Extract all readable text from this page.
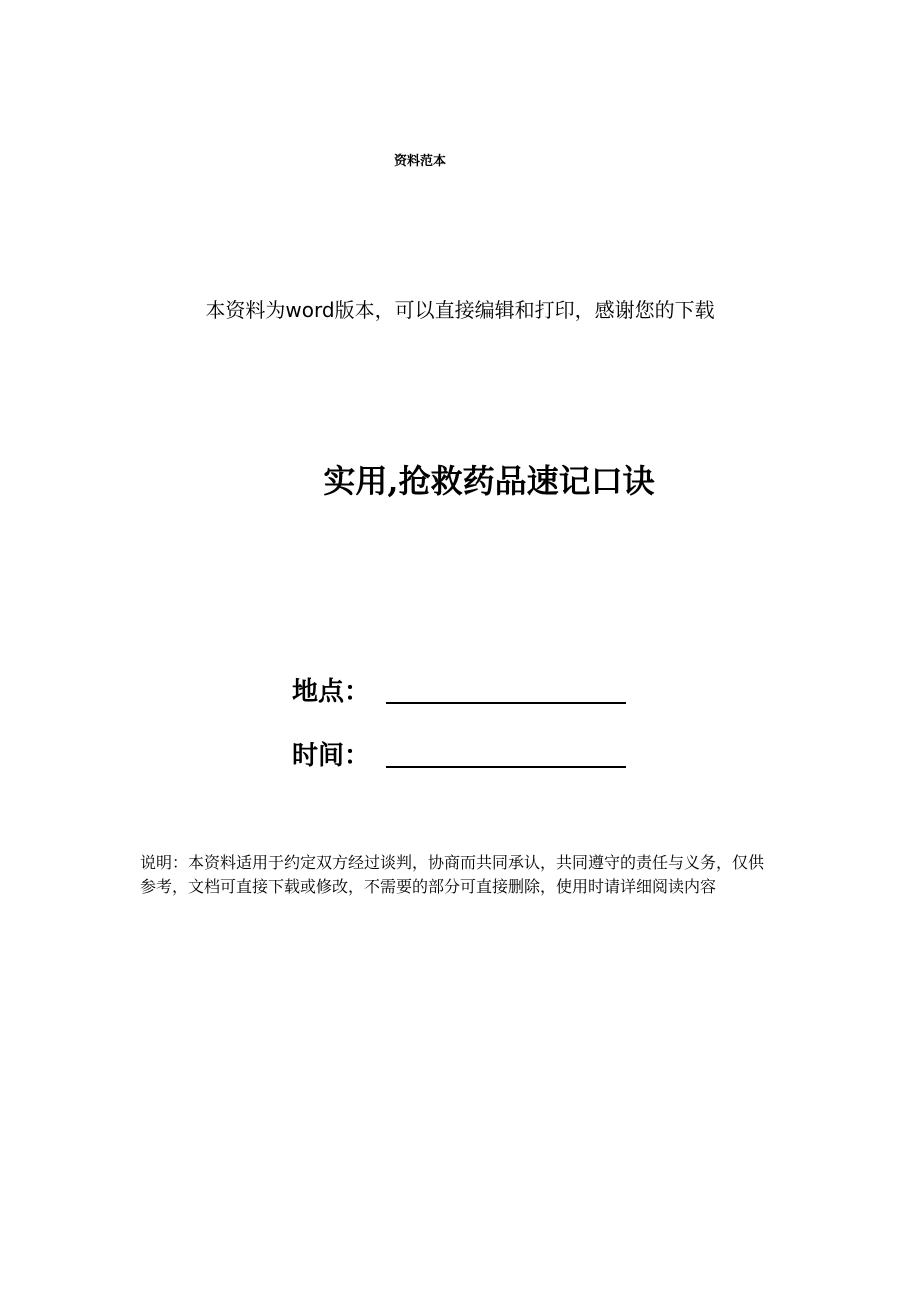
资料范本
本资料为word版本，可以直接编辑和打印，感谢您的下载
实用,抢救药品速记口诀
地点：
时间：
说明：本资料适用于约定双方经过谈判，协商而共同承认，共同遵守的责任与义务，仅供参考，文档可直接下载或修改，不需要的部分可直接删除，使用时请详细阅读内容
